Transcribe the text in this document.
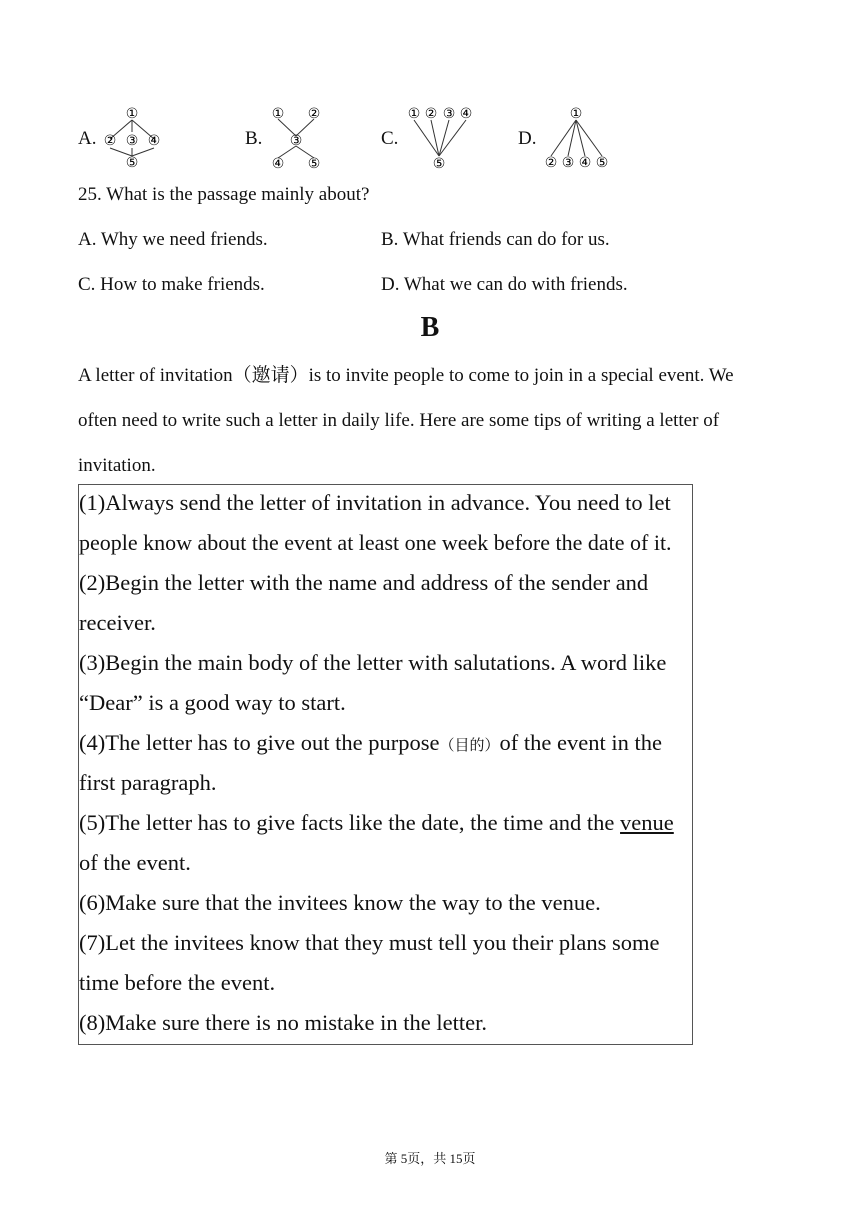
A.
①
② ③ ④
⑤
B.
① ②
③
④ ⑤
C.
① ② ③ ④
⑤
D.
①
② ③ ④ ⑤
25. What is the passage mainly about?
A. Why we need friends.	B. What friends can do for us.
C. How to make friends.	D. What we can do with friends.
B
A letter of invitation（邀请）is to invite people to come to join in a special event. We
often need to write such a letter in daily life. Here are some tips of writing a letter of
invitation.
(1)Always send the letter of invitation in advance. You need to let
people know about the event at least one week before the date of it.
(2)Begin the letter with the name and address of the sender and
receiver.
(3)Begin the main body of the letter with salutations. A word like
“Dear” is a good way to start.
(4)The letter has to give out the purpose（目的）of the event in the
first paragraph.
(5)The letter has to give facts like the date, the time and the venue
of the event.
(6)Make sure that the invitees know the way to the venue.
(7)Let the invitees know that they must tell you their plans some
time before the event.
(8)Make sure there is no mistake in the letter.
第 5页，共 15页
